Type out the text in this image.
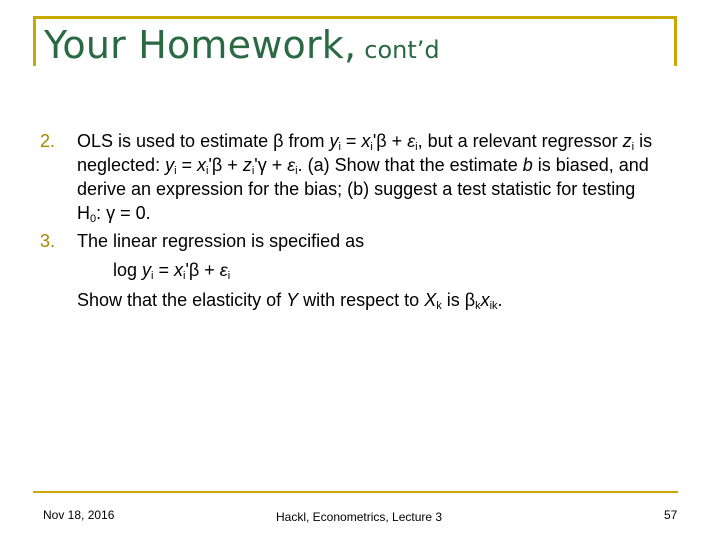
Your Homework, cont’d
2. OLS is used to estimate β from $y_i = x_i'\beta + \varepsilon_i$, but a relevant regressor $z_i$ is neglected: $y_i = x_i'\beta + z_i'\gamma + \varepsilon_i$. (a) Show that the estimate b is biased, and derive an expression for the bias; (b) suggest a test statistic for testing $H_0$: γ = 0.
3. The linear regression is specified as
$\log y_i = x_i'\beta + \varepsilon_i$
Show that the elasticity of Y with respect to $X_k$ is $\beta_kx_{ik}$.
Nov 18, 2016	Hackl, Econometrics, Lecture 3	57
